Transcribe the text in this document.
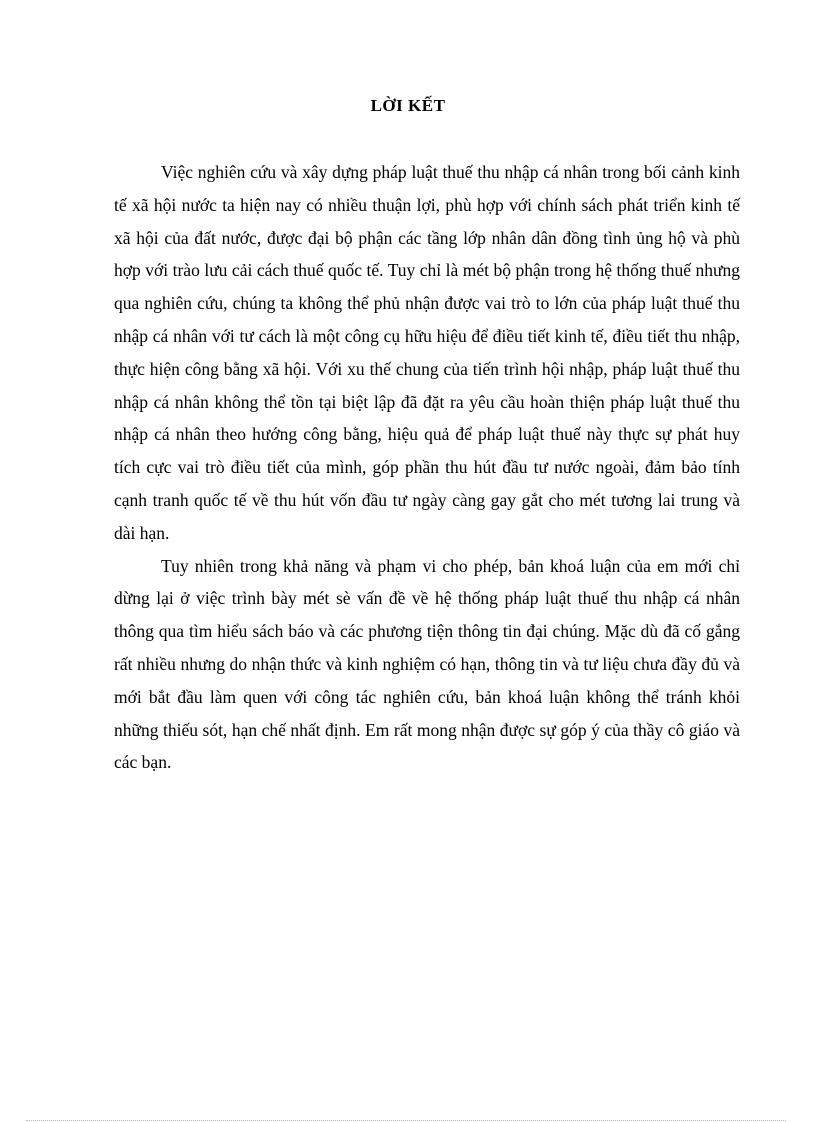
LỜI KẾT

Việc nghiên cứu và xây dựng pháp luật thuế thu nhập cá nhân trong bối cảnh kinh tế xã hội nước ta hiện nay có nhiều thuận lợi, phù hợp với chính sách phát triển kinh tế xã hội của đất nước, được đại bộ phận các tầng lớp nhân dân đồng tình ủng hộ và phù hợp với trào lưu cải cách thuế quốc tế. Tuy chỉ là mét bộ phận trong hệ thống thuế nhưng qua nghiên cứu, chúng ta không thể phủ nhận được vai trò to lớn của pháp luật thuế thu nhập cá nhân với tư cách là một công cụ hữu hiệu để điều tiết kinh tế, điều tiết thu nhập, thực hiện công bằng xã hội. Với xu thế chung của tiến trình hội nhập, pháp luật thuế thu nhập cá nhân không thể tồn tại biệt lập đã đặt ra yêu cầu hoàn thiện pháp luật thuế thu nhập cá nhân theo hướng công bằng, hiệu quả để pháp luật thuế này thực sự phát huy tích cực vai trò điều tiết của mình, góp phần thu hút đầu tư nước ngoài, đảm bảo tính cạnh tranh quốc tế về thu hút vốn đầu tư ngày càng gay gắt cho mét tương lai trung và dài hạn.

Tuy nhiên trong khả năng và phạm vi cho phép, bản khoá luận của em mới chỉ dừng lại ở việc trình bày mét sè vấn đề về hệ thống pháp luật thuế thu nhập cá nhân thông qua tìm hiểu sách báo và các phương tiện thông tin đại chúng. Mặc dù đã cố gắng rất nhiều nhưng do nhận thức và kinh nghiệm có hạn, thông tin và tư liệu chưa đầy đủ và mới bắt đầu làm quen với công tác nghiên cứu, bản khoá luận không thể tránh khỏi những thiếu sót, hạn chế nhất định. Em rất mong nhận được sự góp ý của thầy cô giáo và các bạn.
